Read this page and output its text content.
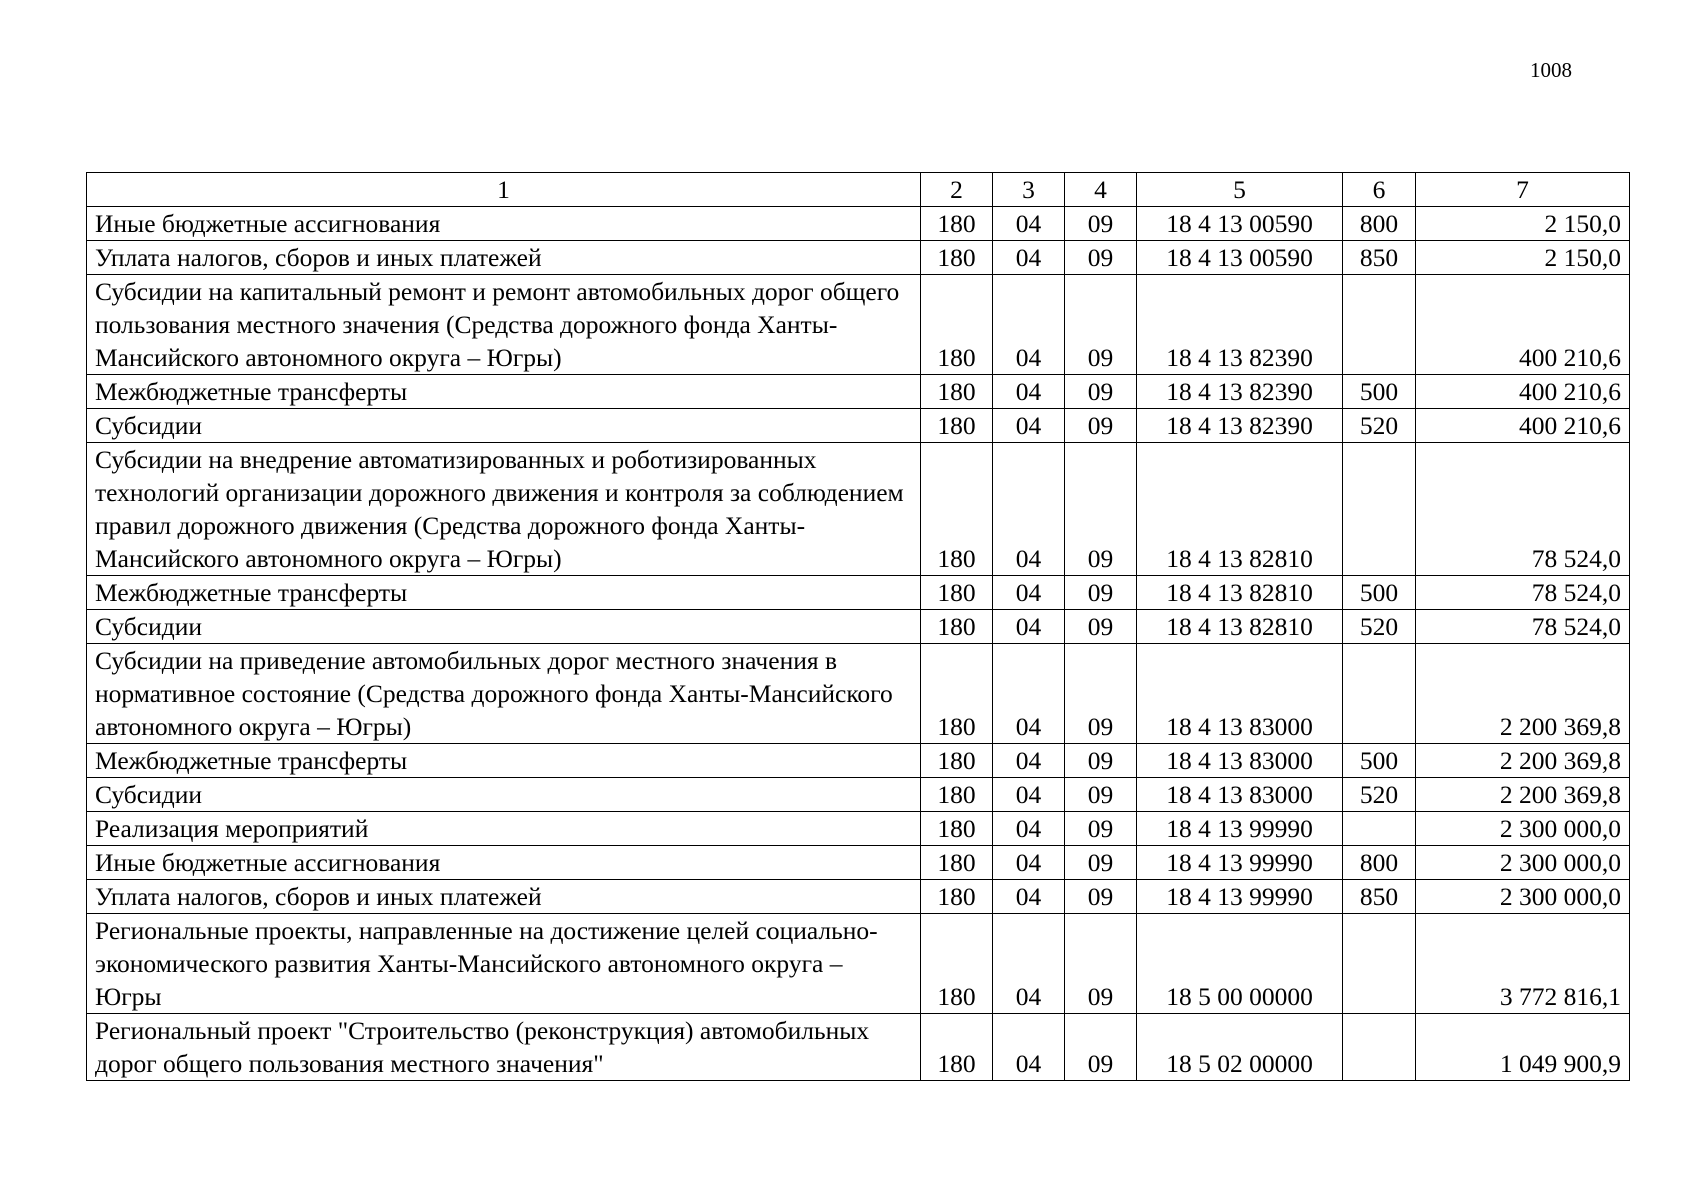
1008
1	2	3	4	5	6	7
Иные бюджетные ассигнования	180	04	09	18 4 13 00590	800	2 150,0
Уплата налогов, сборов и иных платежей	180	04	09	18 4 13 00590	850	2 150,0
Субсидии на капитальный ремонт и ремонт автомобильных дорог общего пользования местного значения (Средства дорожного фонда Ханты-Мансийского автономного округа – Югры)	180	04	09	18 4 13 82390		400 210,6
Межбюджетные трансферты	180	04	09	18 4 13 82390	500	400 210,6
Субсидии	180	04	09	18 4 13 82390	520	400 210,6
Субсидии на внедрение автоматизированных и роботизированных технологий организации дорожного движения и контроля за соблюдением правил дорожного движения (Средства дорожного фонда Ханты-Мансийского автономного округа – Югры)	180	04	09	18 4 13 82810		78 524,0
Межбюджетные трансферты	180	04	09	18 4 13 82810	500	78 524,0
Субсидии	180	04	09	18 4 13 82810	520	78 524,0
Субсидии на приведение автомобильных дорог местного значения в нормативное состояние (Средства дорожного фонда Ханты-Мансийского автономного округа – Югры)	180	04	09	18 4 13 83000		2 200 369,8
Межбюджетные трансферты	180	04	09	18 4 13 83000	500	2 200 369,8
Субсидии	180	04	09	18 4 13 83000	520	2 200 369,8
Реализация мероприятий	180	04	09	18 4 13 99990		2 300 000,0
Иные бюджетные ассигнования	180	04	09	18 4 13 99990	800	2 300 000,0
Уплата налогов, сборов и иных платежей	180	04	09	18 4 13 99990	850	2 300 000,0
Региональные проекты, направленные на достижение целей социально-экономического развития Ханты-Мансийского автономного округа – Югры	180	04	09	18 5 00 00000		3 772 816,1
Региональный проект "Строительство (реконструкция) автомобильных дорог общего пользования местного значения"	180	04	09	18 5 02 00000		1 049 900,9
